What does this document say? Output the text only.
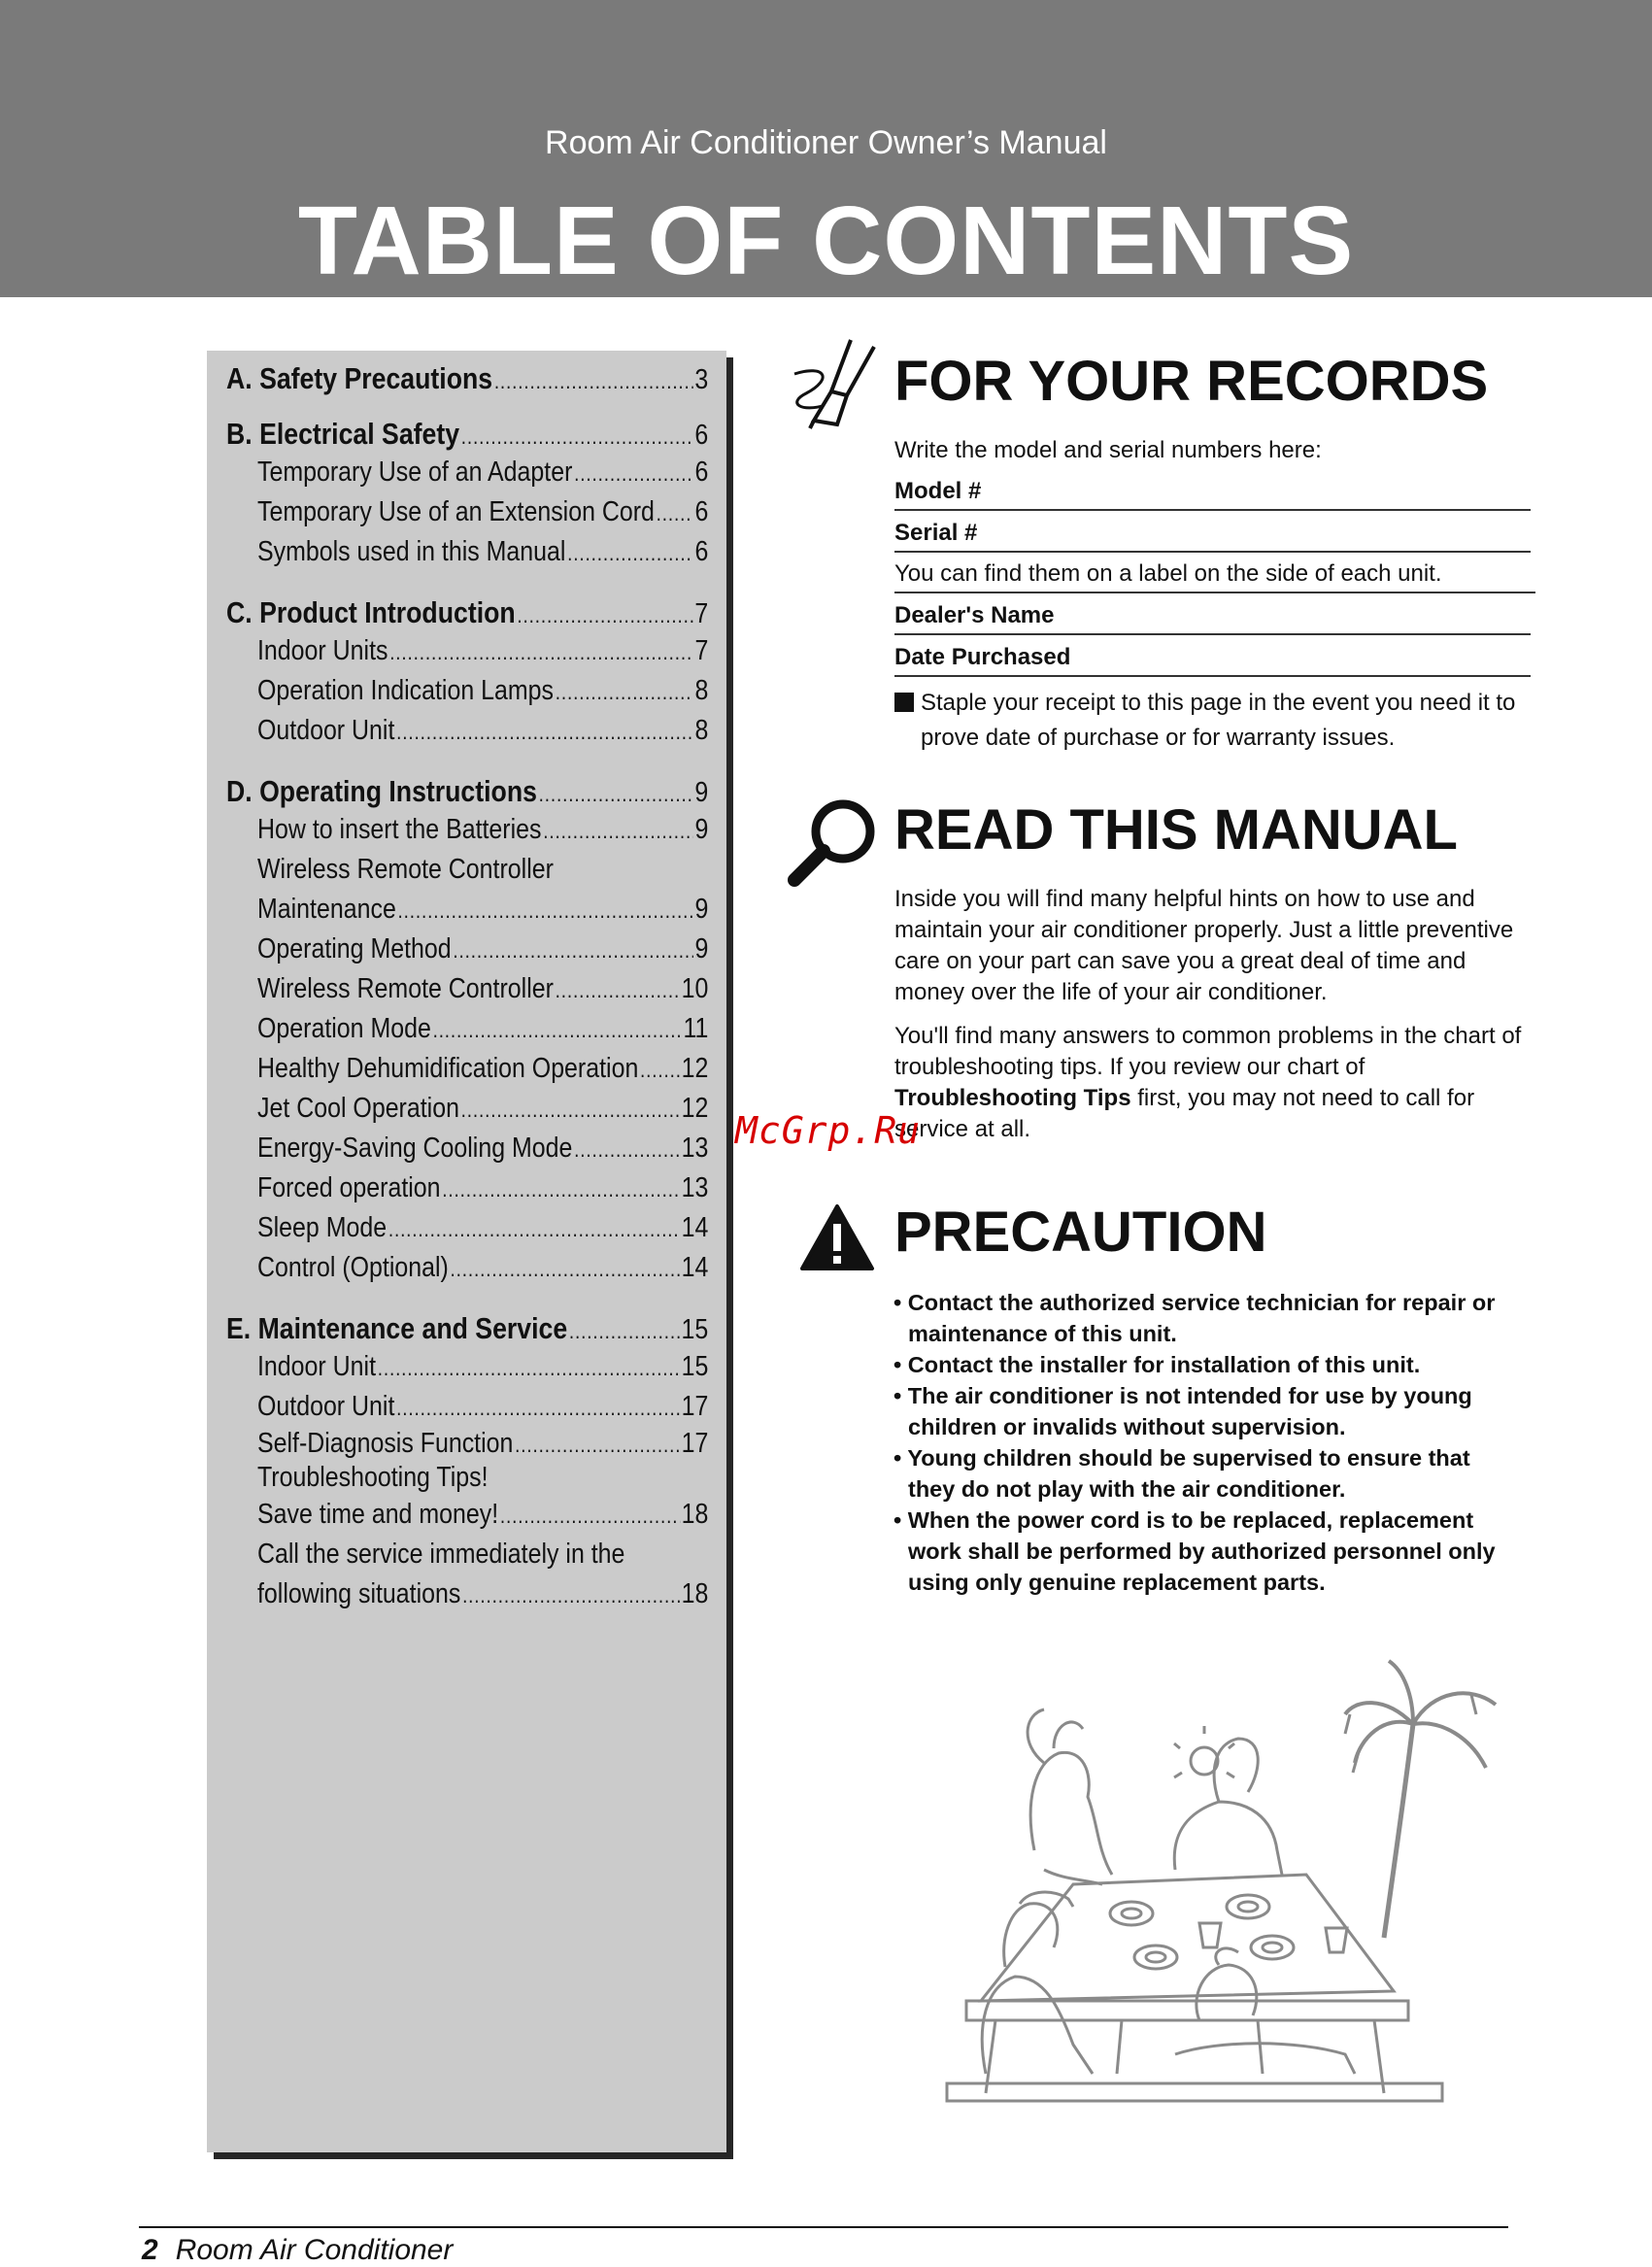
Room Air Conditioner Owner’s Manual
TABLE OF CONTENTS
A. Safety Precautions .....	3
B. Electrical Safety .....	6
Temporary Use of an Adapter .....	6
Temporary Use of an Extension Cord ..... 6
Symbols used in this Manual .....	6
C. Product Introduction .....	7
Indoor Units .....	7
Operation Indication Lamps .....	8
Outdoor Unit .....	8
D. Operating Instructions .....	9
How to insert the Batteries .....	9
Wireless Remote Controller
Maintenance .....	9
Operating Method .....	9
Wireless Remote Controller .....	10
Operation Mode .....	11
Healthy Dehumidification Operation ..... 12
Jet Cool Operation .....	12
Energy-Saving Cooling Mode .....	13
Forced operation .....	13
Sleep Mode .....	14
Control (Optional) .....	14
E. Maintenance and Service .....	15
Indoor Unit .....	15
Outdoor Unit .....	17
Self-Diagnosis Function .....	17
Troubleshooting Tips!
Save time and money! .....	18
Call the service immediately in the
following situations .....	18
FOR YOUR RECORDS
Write the model and serial numbers here:
Model #
Serial #
You can find them on a label on the side of each unit.
Dealer's Name
Date Purchased
Staple your receipt to this page in the event you need it to prove date of purchase or for warranty issues.
READ THIS MANUAL
Inside you will find many helpful hints on how to use and maintain your air conditioner properly. Just a little preventive care on your part can save you a great deal of time and money over the life of your air conditioner.
You'll find many answers to common problems in the chart of troubleshooting tips. If you review our chart of Troubleshooting Tips first, you may not need to call for service at all.
PRECAUTION
• Contact the authorized service technician for repair or maintenance of this unit.
• Contact the installer for installation of this unit.
• The air conditioner is not intended for use by young children or invalids without supervision.
• Young children should be supervised to ensure that they do not play with the air conditioner.
• When the power cord is to be replaced, replacement work shall be performed by authorized personnel only using only genuine replacement parts.
McGrp.Ru
2 Room Air Conditioner
